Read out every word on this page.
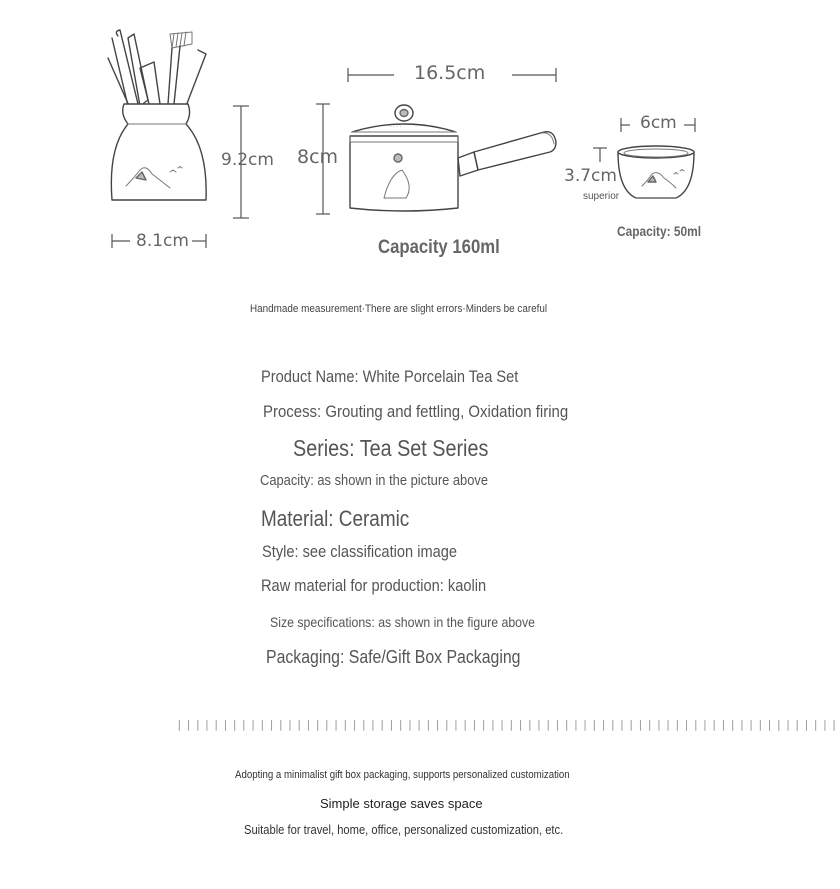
· · · ·
9.2cm
8.1cm
16.5cm
8cm
Capacity 160ml
6cm
3.7cm
superior
Capacity: 50ml
Handmade measurement·There are slight errors·Minders be careful
Product Name: White Porcelain Tea Set
Process: Grouting and fettling, Oxidation firing
Series: Tea Set Series
Capacity: as shown in the picture above
Material: Ceramic
Style: see classification image
Raw material for production: kaolin
Size specifications: as shown in the figure above
Packaging: Safe/Gift Box Packaging
||||||||||||||||||||||||||||||||||||||||||||||||||||||||||||||||||||||||
Adopting a minimalist gift box packaging, supports personalized customization
Simple storage saves space
Suitable for travel, home, office, personalized customization, etc.
